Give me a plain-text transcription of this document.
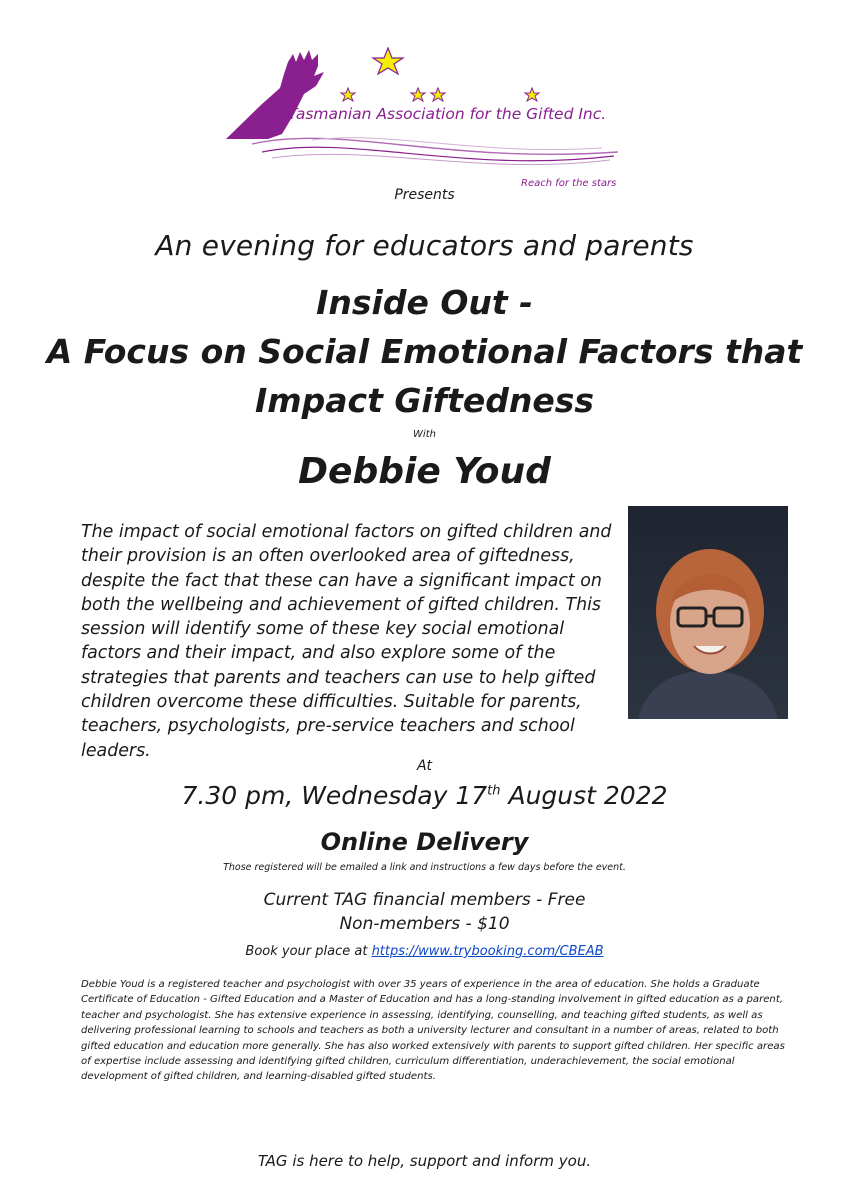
Tasmanian Association for the Gifted Inc.
Reach for the stars
Presents
An evening for educators and parents
Inside Out -
A Focus on Social Emotional Factors that
Impact Giftedness
With
Debbie Youd
The impact of social emotional factors on gifted children and their provision is an often overlooked area of giftedness, despite the fact that these can have a significant impact on both the wellbeing and achievement of gifted children. This session will identify some of these key social emotional factors and their impact, and also explore some of the strategies that parents and teachers can use to help gifted children overcome these difficulties. Suitable for parents, teachers, psychologists, pre-service teachers and school leaders.
At
7.30 pm, Wednesday 17th August 2022
Online Delivery
Those registered will be emailed a link and instructions a few days before the event.
Current TAG financial members - Free
Non-members - $10
Book your place at https://www.trybooking.com/CBEAB
Debbie Youd is a registered teacher and psychologist with over 35 years of experience in the area of education. She holds a Graduate Certificate of Education - Gifted Education and a Master of Education and has a long-standing involvement in gifted education as a parent, teacher and psychologist. She has extensive experience in assessing, identifying, counselling, and teaching gifted students, as well as delivering professional learning to schools and teachers as both a university lecturer and consultant in a number of areas, related to both gifted education and education more generally. She has also worked extensively with parents to support gifted children. Her specific areas of expertise include assessing and identifying gifted children, curriculum differentiation, underachievement, the social emotional development of gifted children, and learning-disabled gifted students.
TAG is here to help, support and inform you.
